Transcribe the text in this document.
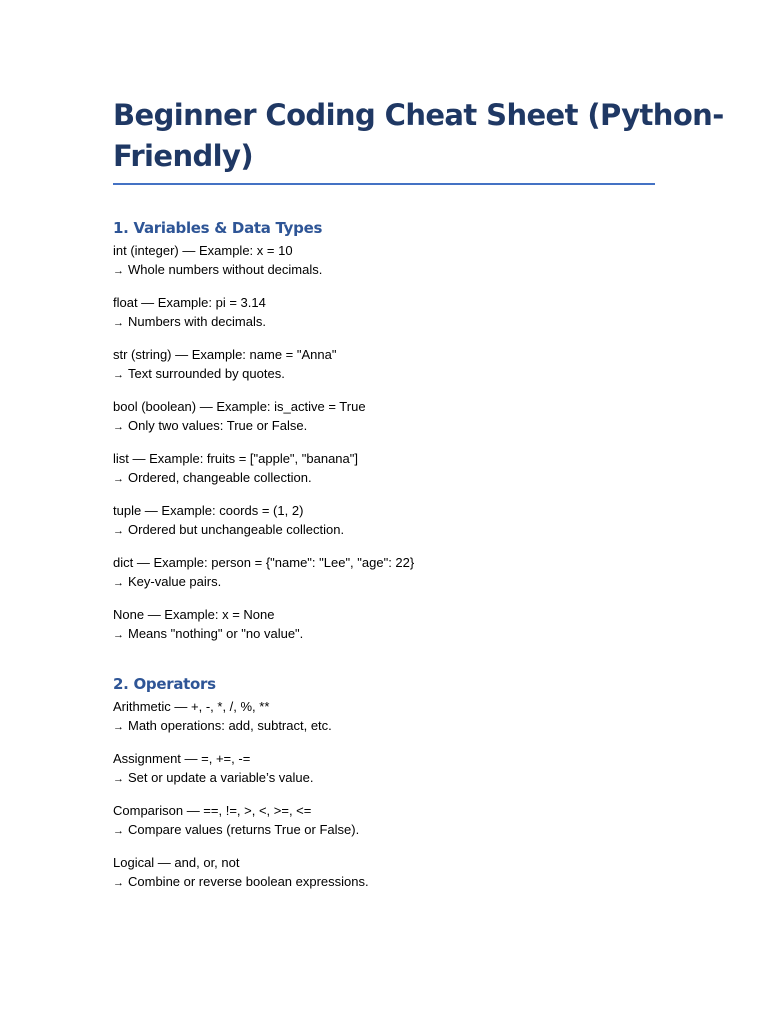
Beginner Coding Cheat Sheet (Python-
Friendly)
1. Variables & Data Types

int (integer) — Example: x = 10
→ Whole numbers without decimals.

float — Example: pi = 3.14
→ Numbers with decimals.

str (string) — Example: name = "Anna"
→ Text surrounded by quotes.

bool (boolean) — Example: is_active = True
→ Only two values: True or False.

list — Example: fruits = ["apple", "banana"]
→ Ordered, changeable collection.

tuple — Example: coords = (1, 2)
→ Ordered but unchangeable collection.

dict — Example: person = {"name": "Lee", "age": 22}
→ Key-value pairs.

None — Example: x = None
→ Means "nothing" or "no value".

2. Operators

Arithmetic — +, -, *, /, %, **
→ Math operations: add, subtract, etc.

Assignment — =, +=, -=
→ Set or update a variable’s value.

Comparison — ==, !=, >, <, >=, <=
→ Compare values (returns True or False).

Logical — and, or, not
→ Combine or reverse boolean expressions.
